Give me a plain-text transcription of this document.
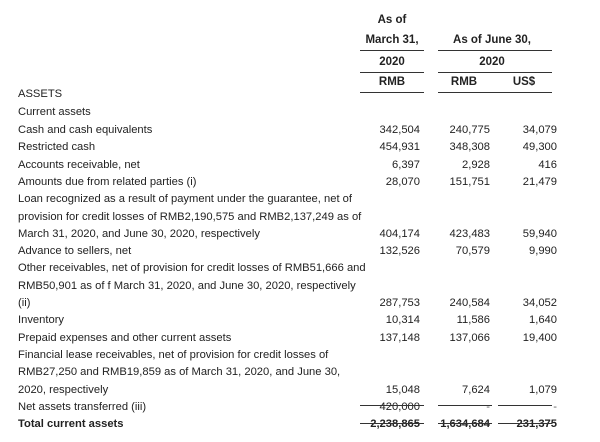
As of
March 31,	As of June 30,
2020	2020
RMB	RMB	US$
ASSETS
Current assets
Cash and cash equivalents	342,504	240,775	34,079
Restricted cash	454,931	348,308	49,300
Accounts receivable, net	6,397	2,928	416
Amounts due from related parties (i)	28,070	151,751	21,479
Loan recognized as a result of payment under the guarantee, net of
provision for credit losses of RMB2,190,575 and RMB2,137,249 as of
March 31, 2020, and June 30, 2020, respectively	404,174	423,483	59,940
Advance to sellers, net	132,526	70,579	9,990
Other receivables, net of provision for credit losses of RMB51,666 and
RMB50,901 as of f March 31, 2020, and June 30, 2020, respectively
(ii)	287,753	240,584	34,052
Inventory	10,314	11,586	1,640
Prepaid expenses and other current assets	137,148	137,066	19,400
Financial lease receivables, net of provision for credit losses of
RMB27,250 and RMB19,859 as of March 31, 2020, and June 30,
2020, respectively	15,048	7,624	1,079
Net assets transferred (iii)	420,000	-	-
Total current assets	2,238,865	1,634,684	231,375
